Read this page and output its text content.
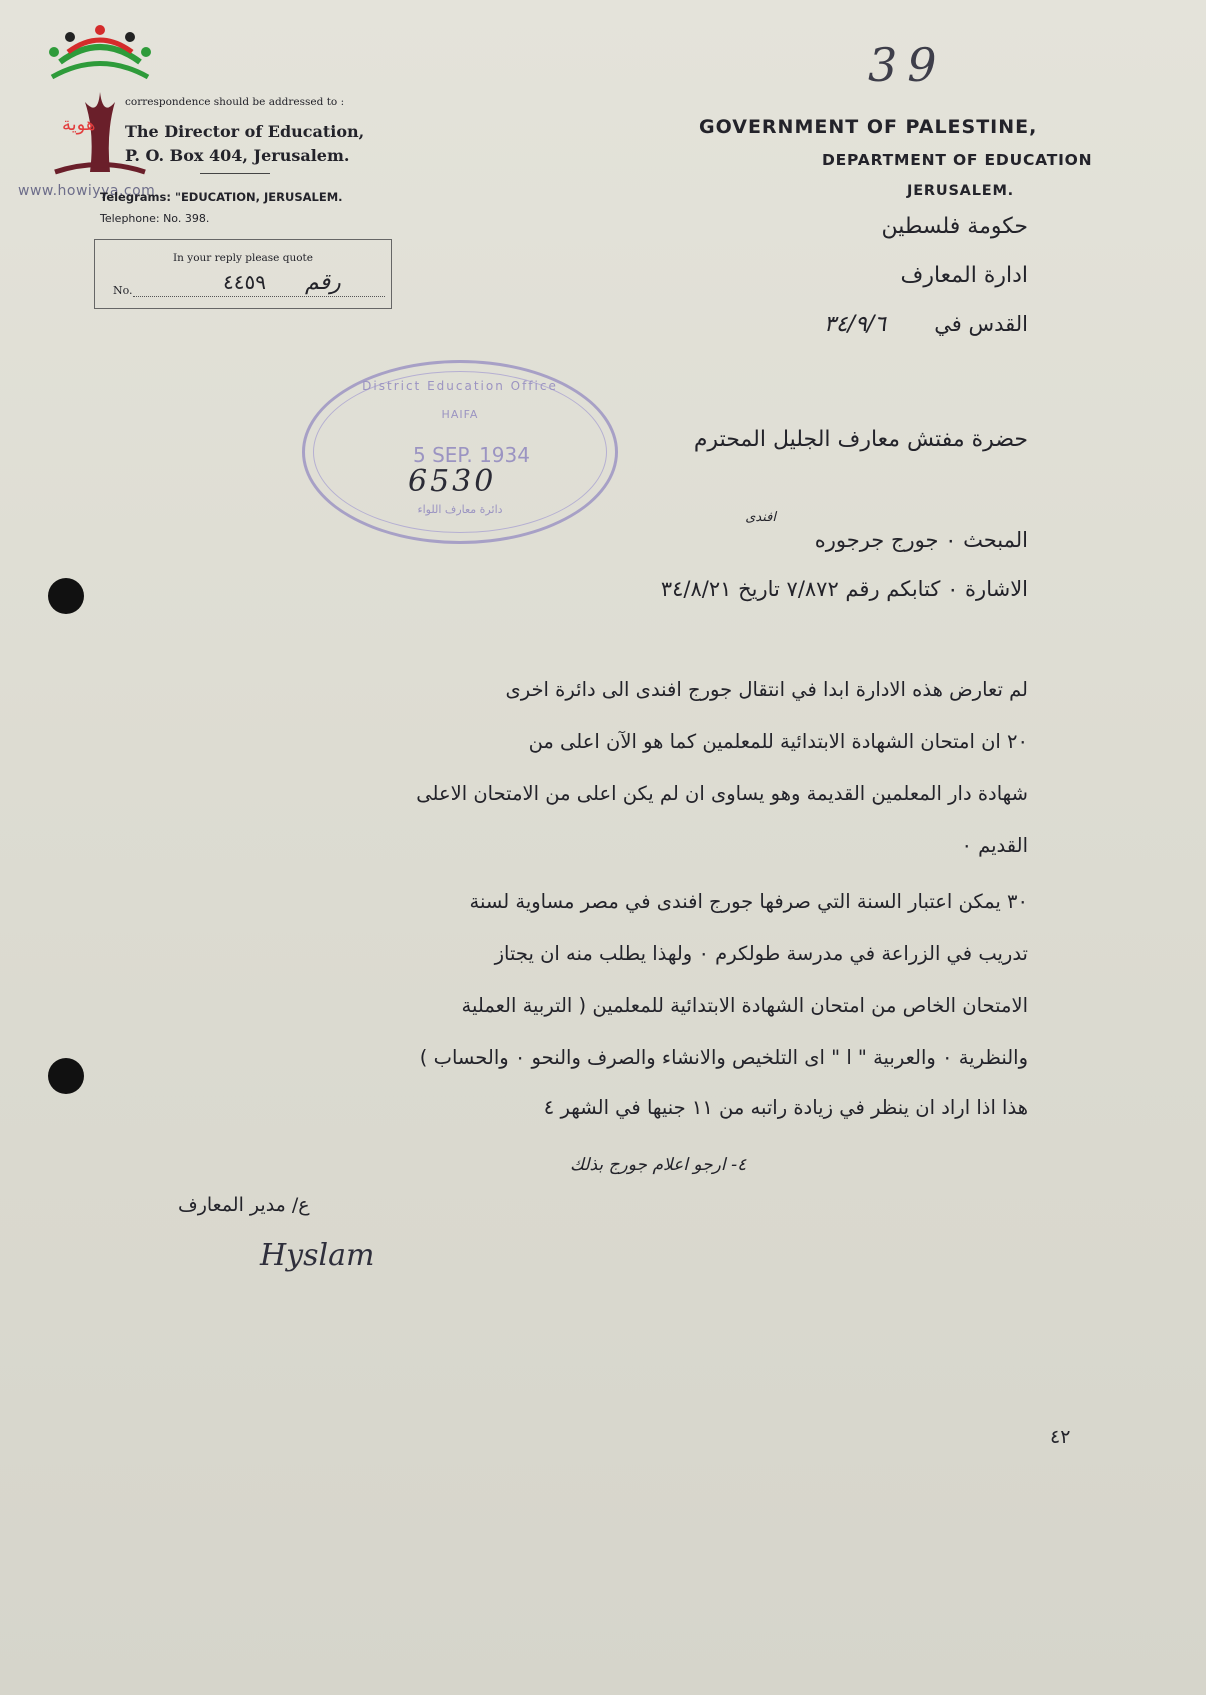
هوية
www.howiyya.com
correspondence should be addressed to :
The Director of Education,
P. O. Box 404, Jerusalem.
Telegrams: "EDUCATION, JERUSALEM.
Telephone: No. 398.
In your reply please quote
No.	٤٤٥٩ رقم
39
GOVERNMENT OF PALESTINE,
DEPARTMENT OF EDUCATION
JERUSALEM.
حكومة فلسطين
ادارة المعارف
القدس في
٣٤/٩/٦
District Education Office
HAIFA
5 SEP. 1934
دائرة معارف اللواء
6530
حضرة مفتش معارف الجليل المحترم
افندى
المبحث ٠ جورج جرجوره
الاشارة ٠ كتابكم رقم ٧/٨٧٢ تاريخ ٣٤/٨/٢١
لم تعارض هذه الادارة ابدا في انتقال جورج افندى الى دائرة اخرى
٢٠ ان امتحان الشهادة الابتدائية للمعلمين كما هو الآن اعلى من
شهادة دار المعلمين القديمة وهو يساوى ان لم يكن اعلى من الامتحان الاعلى
القديم ٠
٣٠ يمكن اعتبار السنة التي صرفها جورج افندى في مصر مساوية لسنة
تدريب في الزراعة في مدرسة طولكرم ٠ ولهذا يطلب منه ان يجتاز
الامتحان الخاص من امتحان الشهادة الابتدائية للمعلمين ( التربية العملية
والنظرية ٠ والعربية " ا " اى التلخيص والانشاء والصرف والنحو ٠ والحساب )
هذا اذا اراد ان ينظر في زيادة راتبه من ١١ جنيها في الشهر ٤
٤- ارجو اعلام جورج بذلك
ع/ مدير المعارف
Hyslam
٤٢
